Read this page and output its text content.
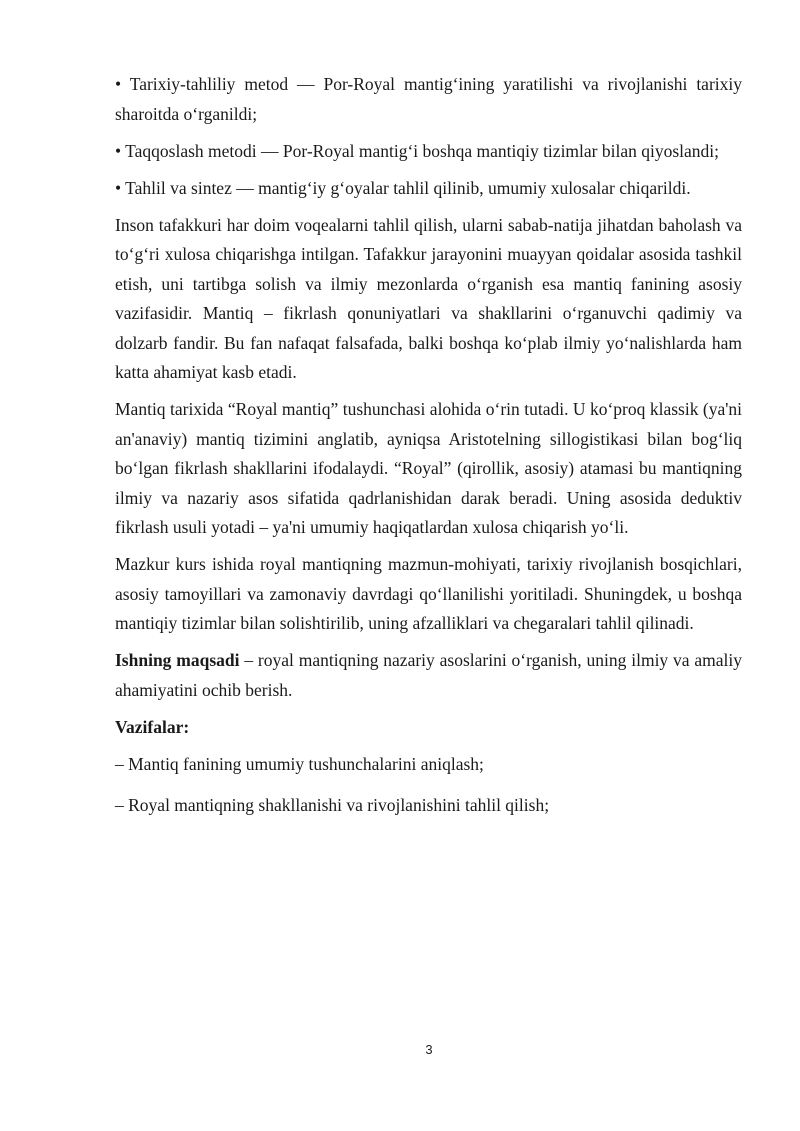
• Tarixiy-tahliliy metod — Por-Royal mantig‘ining yaratilishi va rivojlanishi tarixiy sharoitda o‘rganildi;

• Taqqoslash metodi — Por-Royal mantig‘i boshqa mantiqiy tizimlar bilan qiyoslandi;

• Tahlil va sintez — mantig‘iy g‘oyalar tahlil qilinib, umumiy xulosalar chiqarildi.

Inson tafakkuri har doim voqealarni tahlil qilish, ularni sabab-natija jihatdan baholash va to‘g‘ri xulosa chiqarishga intilgan. Tafakkur jarayonini muayyan qoidalar asosida tashkil etish, uni tartibga solish va ilmiy mezonlarda o‘rganish esa mantiq fanining asosiy vazifasidir. Mantiq – fikrlash qonuniyatlari va shakllarini o‘rganuvchi qadimiy va dolzarb fandir. Bu fan nafaqat falsafada, balki boshqa ko‘plab ilmiy yo‘nalishlarda ham katta ahamiyat kasb etadi.

Mantiq tarixida “Royal mantiq” tushunchasi alohida o‘rin tutadi. U ko‘proq klassik (ya'ni an'anaviy) mantiq tizimini anglatib, ayniqsa Aristotelning sillogistikasi bilan bog‘liq bo‘lgan fikrlash shakllarini ifodalaydi. “Royal” (qirollik, asosiy) atamasi bu mantiqning ilmiy va nazariy asos sifatida qadrlanishidan darak beradi. Uning asosida deduktiv fikrlash usuli yotadi – ya'ni umumiy haqiqatlardan xulosa chiqarish yo‘li.

Mazkur kurs ishida royal mantiqning mazmun-mohiyati, tarixiy rivojlanish bosqichlari, asosiy tamoyillari va zamonaviy davrdagi qo‘llanilishi yoritiladi. Shuningdek, u boshqa mantiqiy tizimlar bilan solishtirilib, uning afzalliklari va chegaralari tahlil qilinadi.

Ishning maqsadi – royal mantiqning nazariy asoslarini o‘rganish, uning ilmiy va amaliy ahamiyatini ochib berish.

Vazifalar:

– Mantiq fanining umumiy tushunchalarini aniqlash;

– Royal mantiqning shakllanishi va rivojlanishini tahlil qilish;

3
